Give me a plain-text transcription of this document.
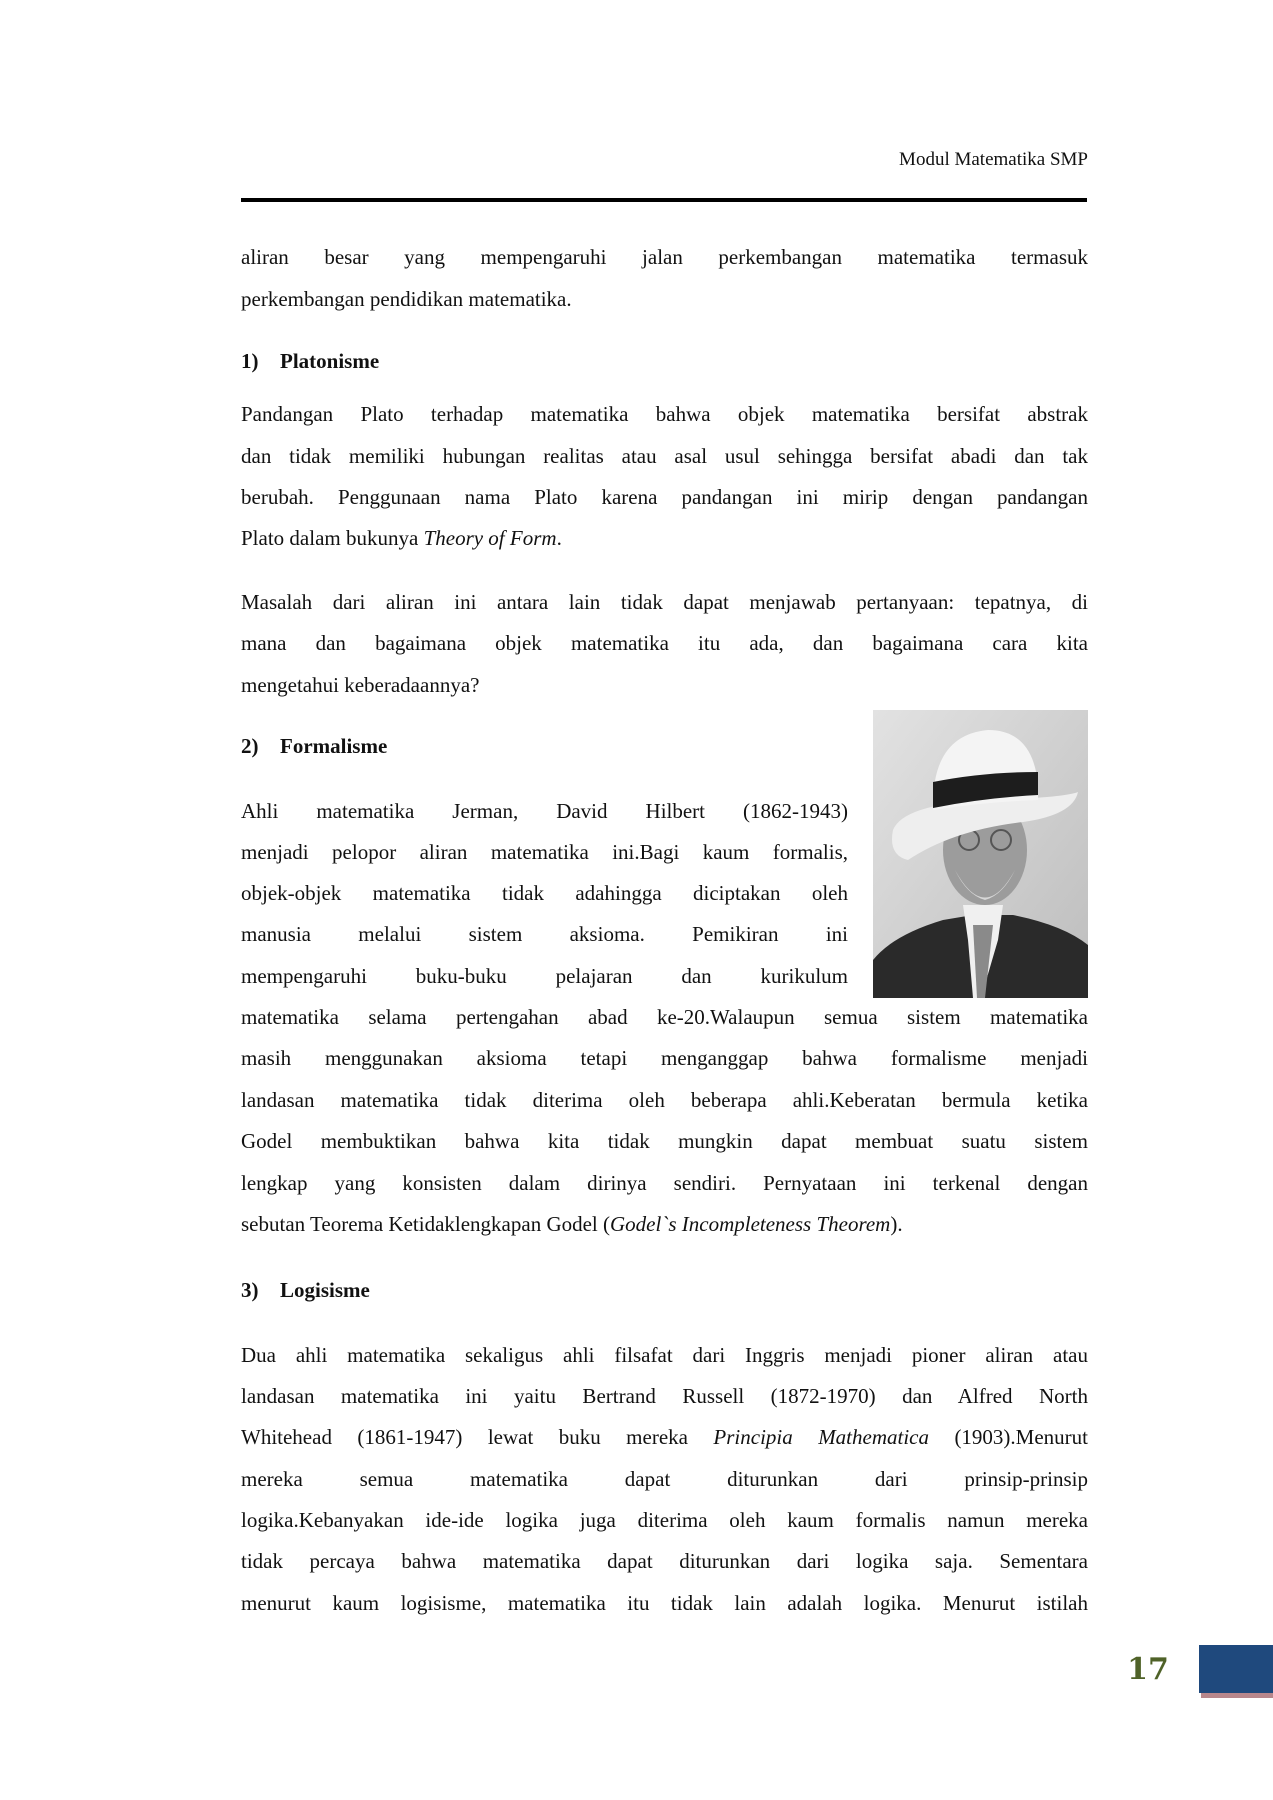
Modul Matematika SMP
aliran besar yang mempengaruhi jalan perkembangan matematika termasuk
perkembangan pendidikan matematika.
1) Platonisme
Pandangan Plato terhadap matematika bahwa objek matematika bersifat abstrak
dan tidak memiliki hubungan realitas atau asal usul sehingga bersifat abadi dan tak
berubah. Penggunaan nama Plato karena pandangan ini mirip dengan pandangan
Plato dalam bukunya Theory of Form.
Masalah dari aliran ini antara lain tidak dapat menjawab pertanyaan: tepatnya, di
mana dan bagaimana objek matematika itu ada, dan bagaimana cara kita
mengetahui keberadaannya?
2) Formalisme
Ahli matematika Jerman, David Hilbert (1862-1943)
menjadi pelopor aliran matematika ini.Bagi kaum formalis,
objek-objek matematika tidak adahingga diciptakan oleh
manusia melalui sistem aksioma. Pemikiran ini
mempengaruhi buku-buku pelajaran dan kurikulum
matematika selama pertengahan abad ke-20.Walaupun semua sistem matematika
masih menggunakan aksioma tetapi menganggap bahwa formalisme menjadi
landasan matematika tidak diterima oleh beberapa ahli.Keberatan bermula ketika
Godel membuktikan bahwa kita tidak mungkin dapat membuat suatu sistem
lengkap yang konsisten dalam dirinya sendiri. Pernyataan ini terkenal dengan
sebutan Teorema Ketidaklengkapan Godel (Godel`s Incompleteness Theorem).
3) Logisisme
Dua ahli matematika sekaligus ahli filsafat dari Inggris menjadi pioner aliran atau
landasan matematika ini yaitu Bertrand Russell (1872-1970) dan Alfred North
Whitehead (1861-1947) lewat buku mereka Principia Mathematica (1903).Menurut
mereka semua matematika dapat diturunkan dari prinsip-prinsip
logika.Kebanyakan ide-ide logika juga diterima oleh kaum formalis namun mereka
tidak percaya bahwa matematika dapat diturunkan dari logika saja. Sementara
menurut kaum logisisme, matematika itu tidak lain adalah logika. Menurut istilah
17
